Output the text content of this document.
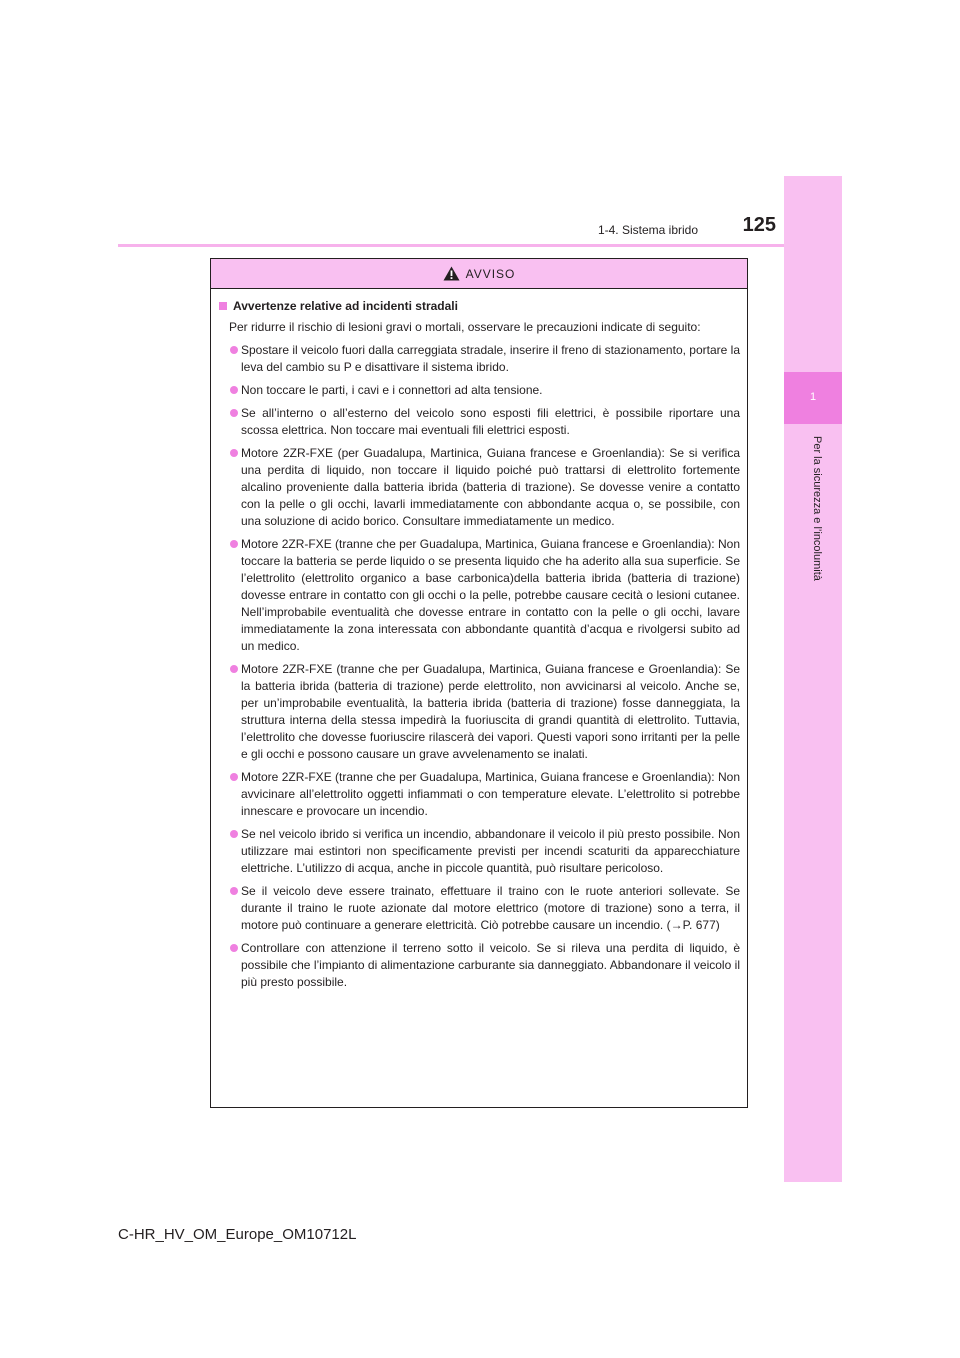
1
Per la sicurezza e l’incolumità
1-4. Sistema ibrido	125
AVVISO
Avvertenze relative ad incidenti stradali
Per ridurre il rischio di lesioni gravi o mortali, osservare le precauzioni indicate di seguito:
Spostare il veicolo fuori dalla carreggiata stradale, inserire il freno di stazionamento, portare la leva del cambio su P e disattivare il sistema ibrido.
Non toccare le parti, i cavi e i connettori ad alta tensione.
Se all’interno o all’esterno del veicolo sono esposti fili elettrici, è possibile riportare una scossa elettrica. Non toccare mai eventuali fili elettrici esposti.
Motore 2ZR-FXE (per Guadalupa, Martinica, Guiana francese e Groenlandia): Se si verifica una perdita di liquido, non toccare il liquido poiché può trattarsi di elettrolito fortemente alcalino proveniente dalla batteria ibrida (batteria di trazione). Se dovesse venire a contatto con la pelle o gli occhi, lavarli immediatamente con abbondante acqua o, se possibile, con una soluzione di acido borico. Consultare immediatamente un medico.
Motore 2ZR-FXE (tranne che per Guadalupa, Martinica, Guiana francese e Groenlandia): Non toccare la batteria se perde liquido o se presenta liquido che ha aderito alla sua superficie. Se l’elettrolito (elettrolito organico a base carbonica)della batteria ibrida (batteria di trazione) dovesse entrare in contatto con gli occhi o la pelle, potrebbe causare cecità o lesioni cutanee. Nell’improbabile eventualità che dovesse entrare in contatto con la pelle o gli occhi, lavare immediatamente la zona interessata con abbondante quantità d’acqua e rivolgersi subito ad un medico.
Motore 2ZR-FXE (tranne che per Guadalupa, Martinica, Guiana francese e Groenlandia): Se la batteria ibrida (batteria di trazione) perde elettrolito, non avvicinarsi al veicolo. Anche se, per un’improbabile eventualità, la batteria ibrida (batteria di trazione) fosse danneggiata, la struttura interna della stessa impedirà la fuoriuscita di grandi quantità di elettrolito. Tuttavia, l’elettrolito che dovesse fuoriuscire rilascerà dei vapori. Questi vapori sono irritanti per la pelle e gli occhi e possono causare un grave avvelenamento se inalati.
Motore 2ZR-FXE (tranne che per Guadalupa, Martinica, Guiana francese e Groenlandia): Non avvicinare all’elettrolito oggetti infiammati o con temperature elevate. L’elettrolito si potrebbe innescare e provocare un incendio.
Se nel veicolo ibrido si verifica un incendio, abbandonare il veicolo il più presto possibile. Non utilizzare mai estintori non specificamente previsti per incendi scaturiti da apparecchiature elettriche. L’utilizzo di acqua, anche in piccole quantità, può risultare pericoloso.
Se il veicolo deve essere trainato, effettuare il traino con le ruote anteriori sollevate. Se durante il traino le ruote azionate dal motore elettrico (motore di trazione) sono a terra, il motore può continuare a generare elettricità. Ciò potrebbe causare un incendio. (→P. 677)
Controllare con attenzione il terreno sotto il veicolo. Se si rileva una perdita di liquido, è possibile che l’impianto di alimentazione carburante sia danneggiato. Abbandonare il veicolo il più presto possibile.
C-HR_HV_OM_Europe_OM10712L
